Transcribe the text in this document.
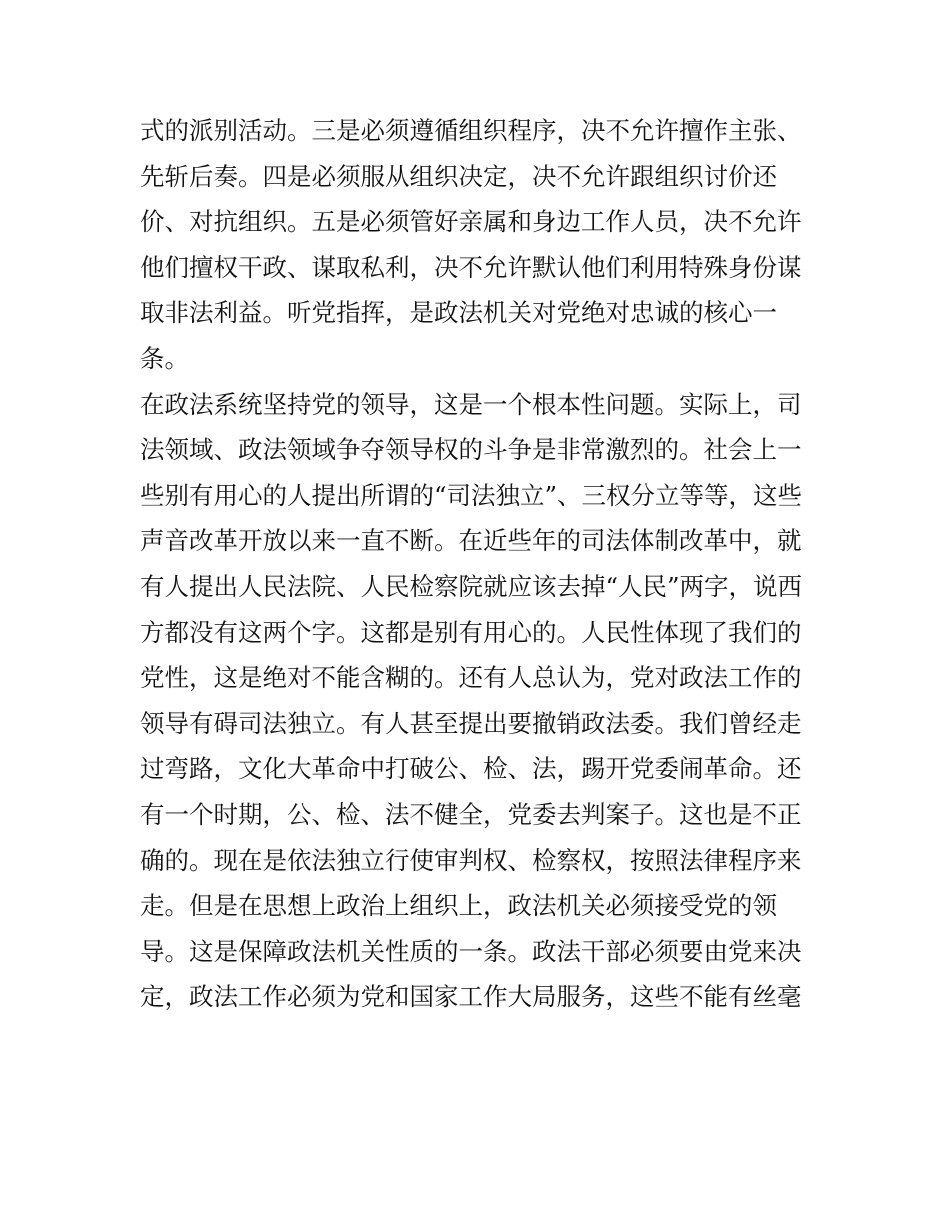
式的派别活动。三是必须遵循组织程序，决不允许擅作主张、
先斩后奏。四是必须服从组织决定，决不允许跟组织讨价还
价、对抗组织。五是必须管好亲属和身边工作人员，决不允许
他们擅权干政、谋取私利，决不允许默认他们利用特殊身份谋
取非法利益。听党指挥，是政法机关对党绝对忠诚的核心一
条。
在政法系统坚持党的领导，这是一个根本性问题。实际上，司
法领域、政法领域争夺领导权的斗争是非常激烈的。社会上一
些别有用心的人提出所谓的“司法独立”、三权分立等等，这些
声音改革开放以来一直不断。在近些年的司法体制改革中，就
有人提出人民法院、人民检察院就应该去掉“人民”两字，说西
方都没有这两个字。这都是别有用心的。人民性体现了我们的
党性，这是绝对不能含糊的。还有人总认为，党对政法工作的
领导有碍司法独立。有人甚至提出要撤销政法委。我们曾经走
过弯路，文化大革命中打破公、检、法，踢开党委闹革命。还
有一个时期，公、检、法不健全，党委去判案子。这也是不正
确的。现在是依法独立行使审判权、检察权，按照法律程序来
走。但是在思想上政治上组织上，政法机关必须接受党的领
导。这是保障政法机关性质的一条。政法干部必须要由党来决
定，政法工作必须为党和国家工作大局服务，这些不能有丝毫
